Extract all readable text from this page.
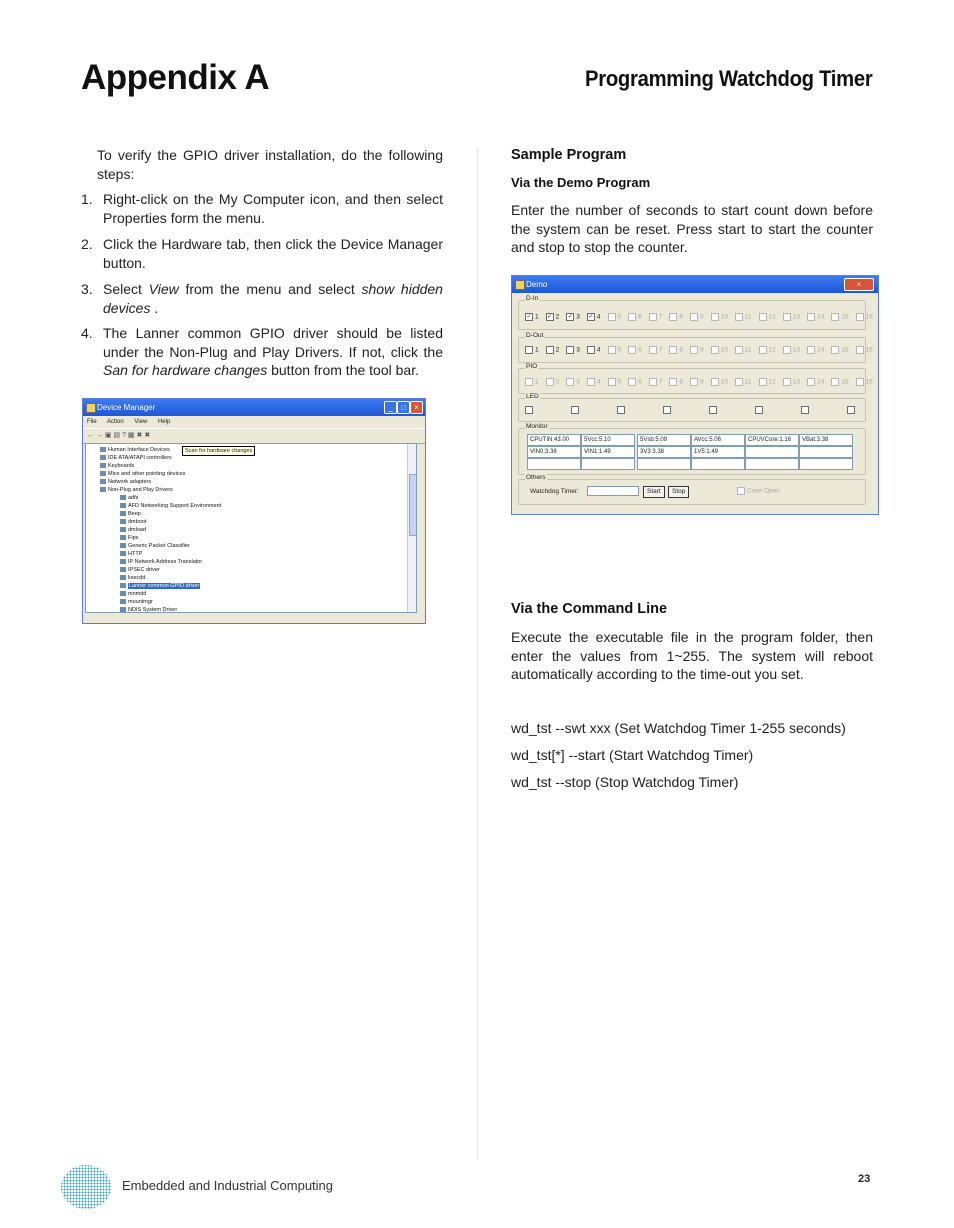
Appendix A	Programming Watchdog Timer
To verify the GPIO driver installation, do the following steps:
1. Right-click on the My Computer icon, and then select Properties form the menu.
2. Click the Hardware tab, then click the Device Manager button.
3. Select View from the menu and select show hidden devices .
4. The Lanner common GPIO driver should be listed under the Non-Plug and Play Drivers. If not, click the San for hardware changes button from the tool bar.
Device Manager	_	□	×
File Action View Help
← → ▣ ▤ ? ▦ ✖ ✖
Scan for hardware changes
Human Interface Devices
IDE ATA/ATAPI controllers
Keyboards
Mice and other pointing devices
Network adapters
Non-Plug and Play Drivers
adfs
AFD Networking Support Environment
Beep
dmboot
dmload
Fips
Generic Packet Classifier
HTTP
IP Network Address Translator
IPSEC driver
ksecdd
Lanner common GPIO driver
mnmdd
mountmgr
NDIS System Driver
Sample Program
Via the Demo Program
Enter the number of seconds to start count down before the system can be reset. Press start to start the counter and stop to stop the counter.
Demo	×
D-In
✓ 1 ✓ 2 ✓ 3 ✓ 4	5	6	7	8	9	10	11	12	13	14	15	16
D-Out
1	2	3	4	5	6	7	8	9	10	11	12	13	14	15	16
PIO
1	2	3	4	5	6	7	8	9	10	11	12	13	14	15	16
LED
Monitor
CPUTIN:43.00	5Vcc:5.10	5Vsb:5.09	AVcc:5.06	CPUVCore:1.16	VBat:3.38
VIN0:3.38	VIN1:1.49	3V3:3.38	1V5:1.49
Others
Watchdog Timer:	Start	Stop	Case Open
Via the Command Line
Execute the executable file in the program folder, then enter the values from 1~255. The system will reboot automatically according to the time-out you set.
wd_tst --swt xxx (Set Watchdog Timer 1-255 seconds)
wd_tst[*] --start (Start Watchdog Timer)
wd_tst --stop (Stop Watchdog Timer)
Embedded and Industrial Computing	23
